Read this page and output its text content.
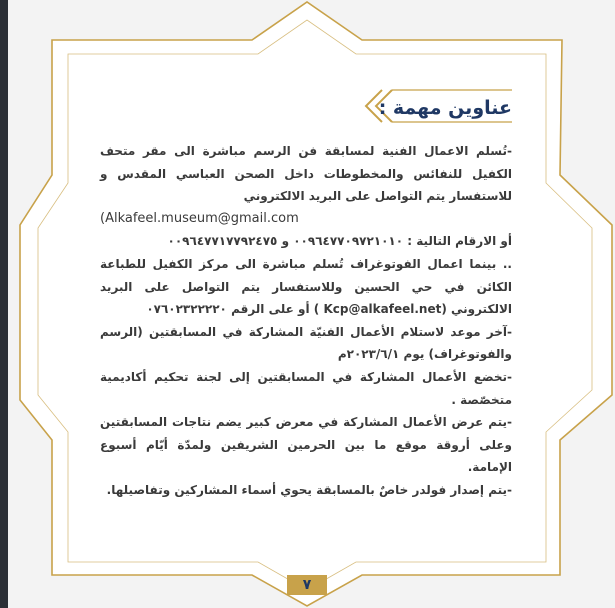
عناوين مهمة :

-تُسلم الاعمال الفنية لمسابقة فن الرسم مباشرة الى مقر متحف الكفيل للنفائس والمخطوطات داخل الصحن العباسي المقدس و للاستفسار يتم التواصل على البريد الالكتروني

(Alkafeel.museum@gmail.com

أو الارقام التالية : ٠٠٩٦٤٧٧٠٩٧٢١٠١٠ و ٠٠٩٦٤٧٧١٧٧٩٢٤٧٥

.. بينما اعمال الفوتوغراف تُسلم مباشرة الى مركز الكفيل للطباعة الكائن في حي الحسين وللاستفسار يتم التواصل على البريد الالكتروني (Kcp@alkafeel.net ) أو على الرقم ٠٧٦٠٢٣٢٢٢٢٠

-آخر موعد لاستلام الأعمال الفنيّة المشاركة في المسابقتين (الرسم والفوتوغراف) يوم ٢٠٢٣/٦/١م

-تخضع الأعمال المشاركة في المسابقتين إلى لجنة تحكيم أكاديمية متخصّصة .

-يتم عرض الأعمال المشاركة في معرض كبير يضم نتاجات المسابقتين وعلى أروقة موقع ما بين الحرمين الشريفين ولمدّة أيّام أسبوع الإمامة.

-يتم إصدار فولدر خاصٌ بالمسابقة يحوي أسماء المشاركين وتفاصيلها.

٧
